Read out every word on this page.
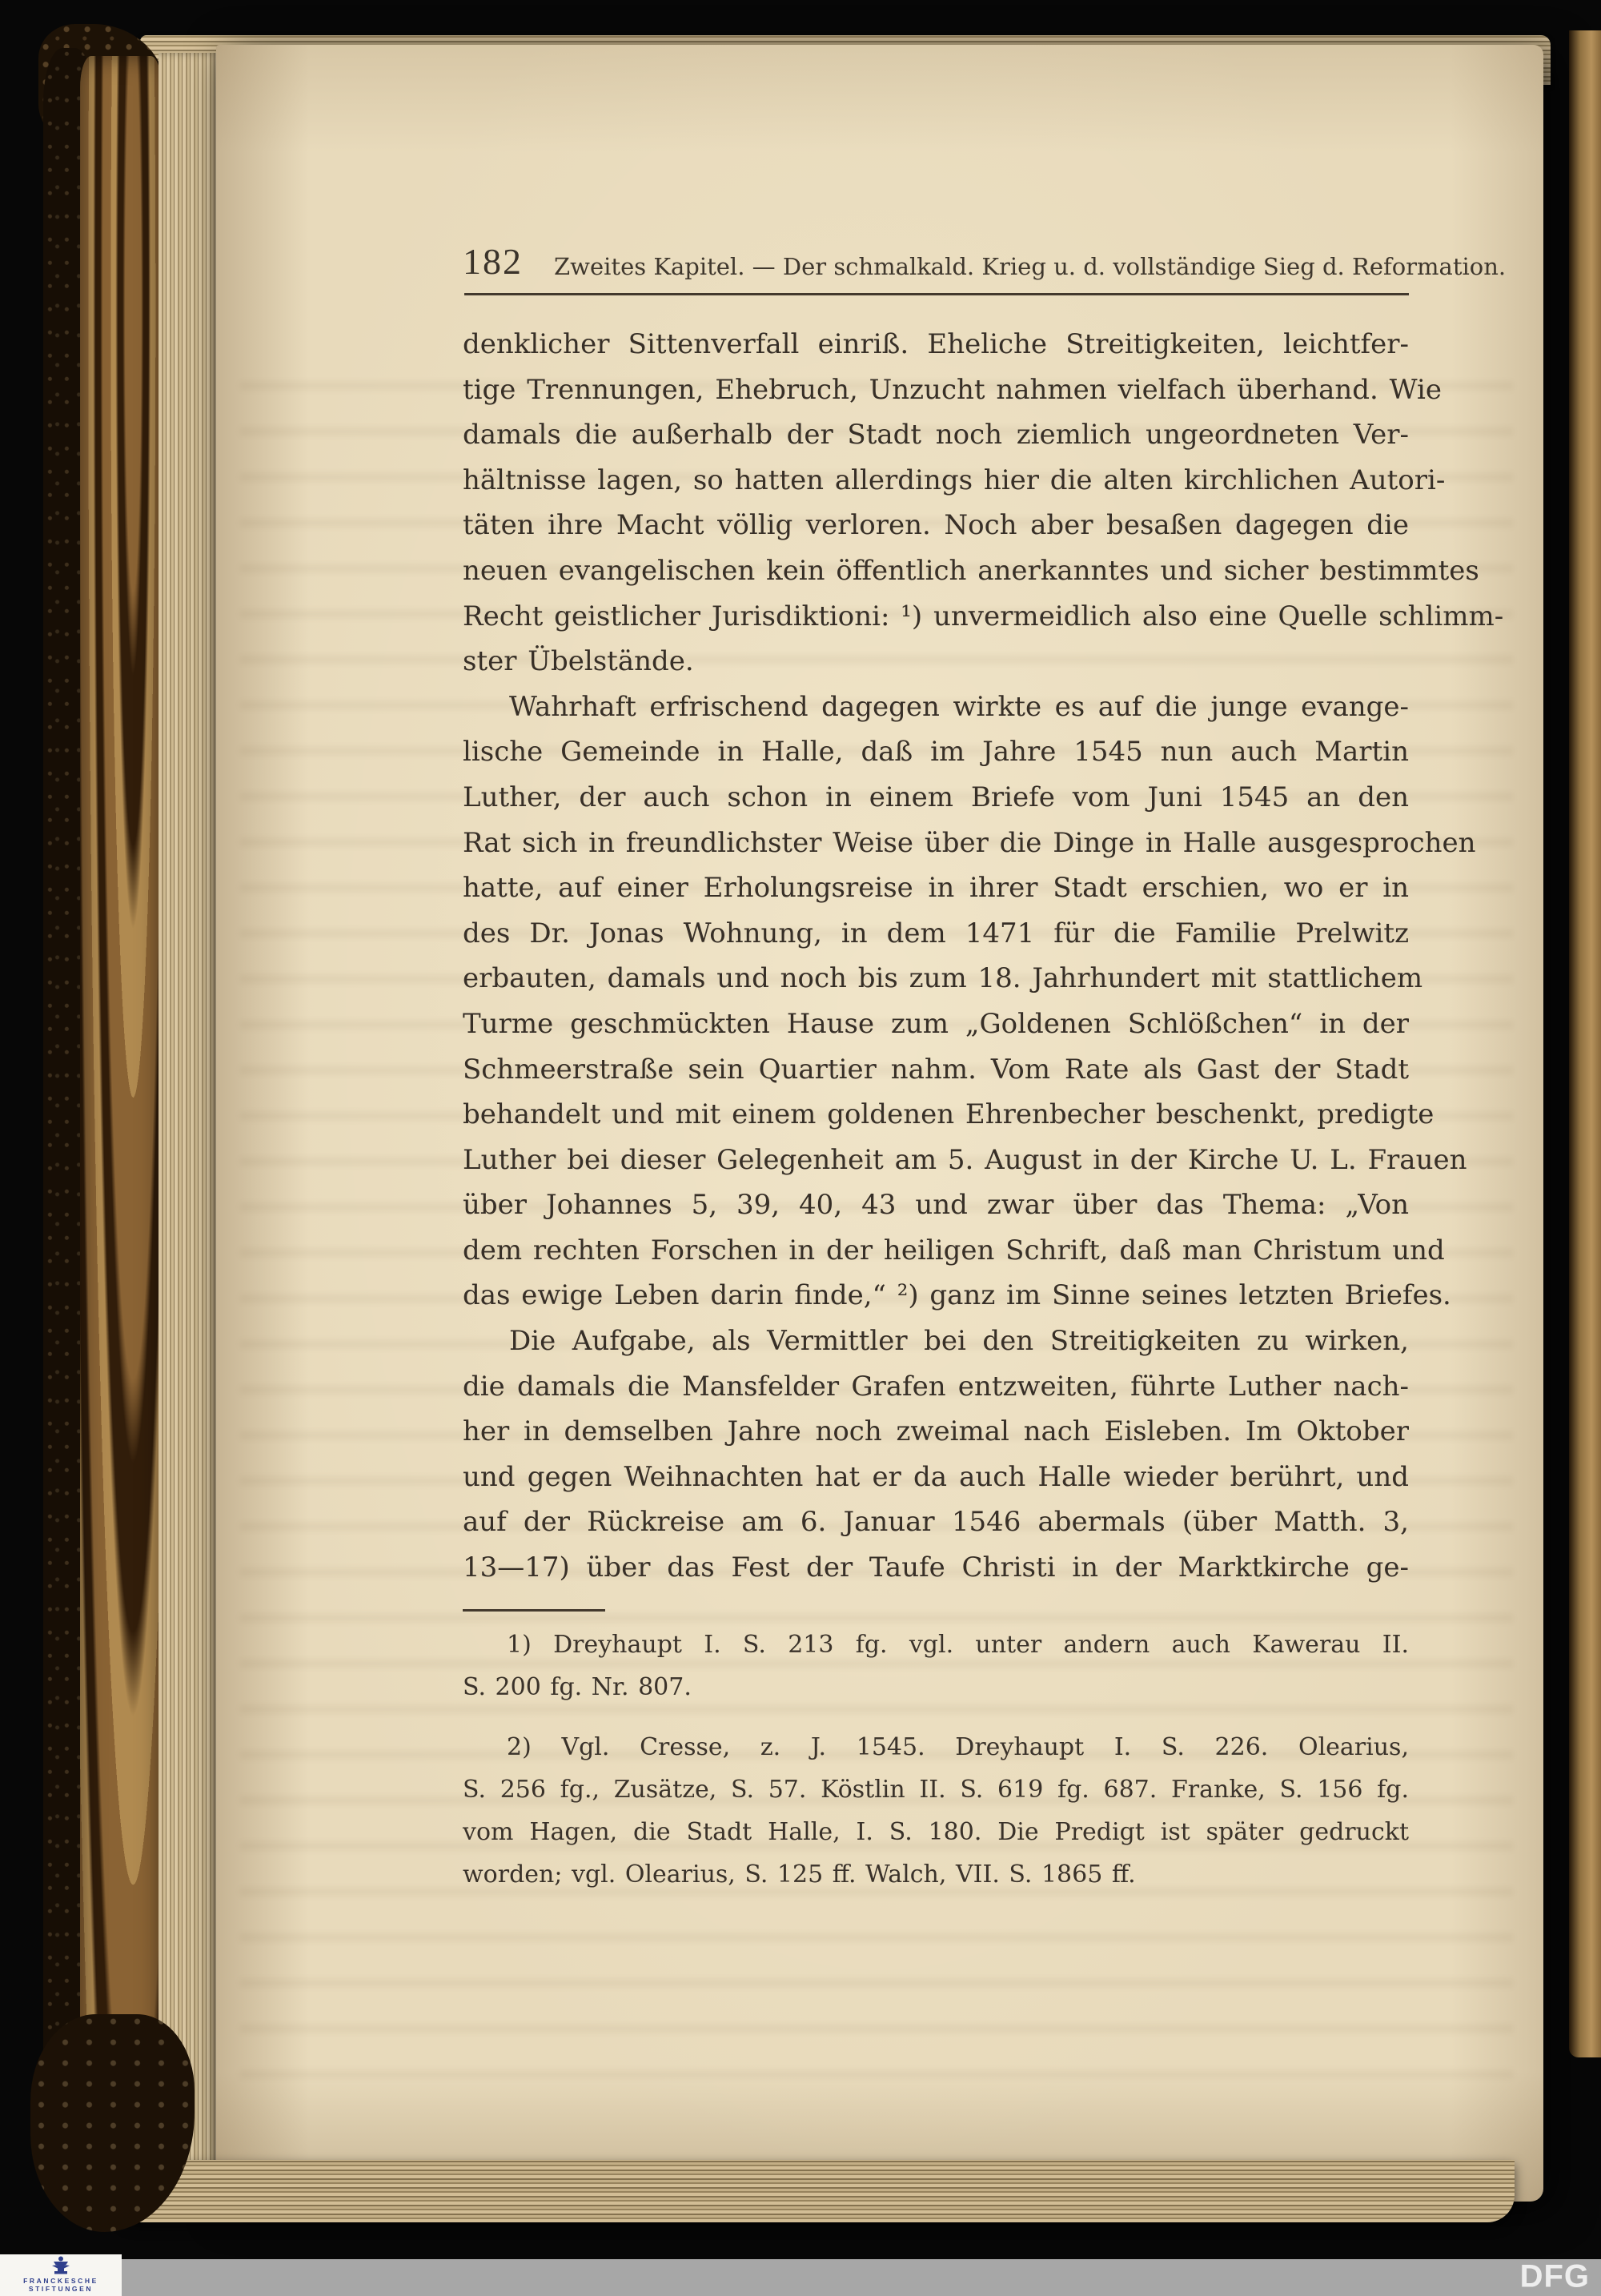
182 Zweites Kapitel. — Der schmalkald. Krieg u. d. vollständige Sieg d. Reformation.
denklicher Sittenverfall einriß. Eheliche Streitigkeiten, leichtfer-
tige Trennungen, Ehebruch, Unzucht nahmen vielfach überhand. Wie
damals die außerhalb der Stadt noch ziemlich ungeordneten Ver-
hältnisse lagen, so hatten allerdings hier die alten kirchlichen Autori-
täten ihre Macht völlig verloren. Noch aber besaßen dagegen die
neuen evangelischen kein öffentlich anerkanntes und sicher bestimmtes
Recht geistlicher Jurisdiktioni: ¹) unvermeidlich also eine Quelle schlimm-
ster Übelstände.
Wahrhaft erfrischend dagegen wirkte es auf die junge evange-
lische Gemeinde in Halle, daß im Jahre 1545 nun auch Martin
Luther, der auch schon in einem Briefe vom Juni 1545 an den
Rat sich in freundlichster Weise über die Dinge in Halle ausgesprochen
hatte, auf einer Erholungsreise in ihrer Stadt erschien, wo er in
des Dr. Jonas Wohnung, in dem 1471 für die Familie Prelwitz
erbauten, damals und noch bis zum 18. Jahrhundert mit stattlichem
Turme geschmückten Hause zum „Goldenen Schlößchen“ in der
Schmeerstraße sein Quartier nahm. Vom Rate als Gast der Stadt
behandelt und mit einem goldenen Ehrenbecher beschenkt, predigte
Luther bei dieser Gelegenheit am 5. August in der Kirche U. L. Frauen
über Johannes 5, 39, 40, 43 und zwar über das Thema: „Von
dem rechten Forschen in der heiligen Schrift, daß man Christum und
das ewige Leben darin finde,“ ²) ganz im Sinne seines letzten Briefes.
Die Aufgabe, als Vermittler bei den Streitigkeiten zu wirken,
die damals die Mansfelder Grafen entzweiten, führte Luther nach-
her in demselben Jahre noch zweimal nach Eisleben. Im Oktober
und gegen Weihnachten hat er da auch Halle wieder berührt, und
auf der Rückreise am 6. Januar 1546 abermals (über Matth. 3,
13—17) über das Fest der Taufe Christi in der Marktkirche ge-
1) Dreyhaupt I. S. 213 fg. vgl. unter andern auch Kawerau II.
S. 200 fg. Nr. 807.
2) Vgl. Cresse, z. J. 1545. Dreyhaupt I. S. 226. Olearius,
S. 256 fg., Zusätze, S. 57. Köstlin II. S. 619 fg. 687. Franke, S. 156 fg.
vom Hagen, die Stadt Halle, I. S. 180. Die Predigt ist später gedruckt
worden; vgl. Olearius, S. 125 ff. Walch, VII. S. 1865 ff.
FRANCKESCHE
STIFTUNGEN	DFG
